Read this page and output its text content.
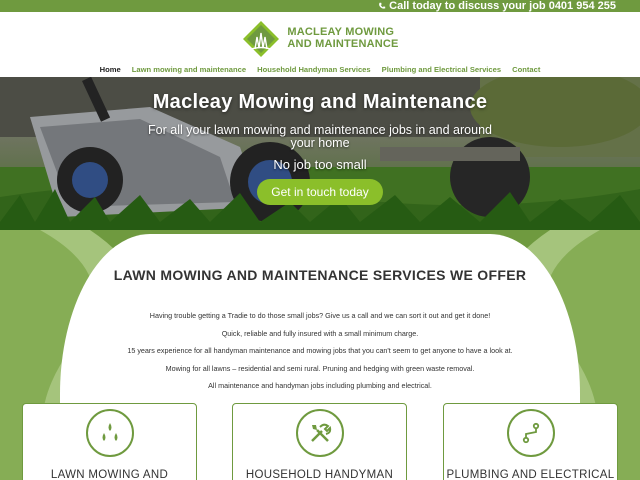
Call today to discuss your job 0401 954 255
MACLEAY MOWING
AND MAINTENANCE
Home Lawn mowing and maintenance Household Handyman Services Plumbing and Electrical Services Contact
Macleay Mowing and Maintenance

For all your lawn mowing and maintenance jobs in and around your home

No job too small

Get in touch today
LAWN MOWING AND MAINTENANCE SERVICES WE OFFER

Having trouble getting a Tradie to do those small jobs? Give us a call and we can sort it out and get it done!

Quick, reliable and fully insured with a small minimum charge.

15 years experience for all handyman maintenance and mowing jobs that you can't seem to get anyone to have a look at.

Mowing for all lawns – residential and semi rural. Pruning and hedging with green waste removal.

All maintenance and handyman jobs including plumbing and electrical.

LAWN MOWING AND	HOUSEHOLD HANDYMAN	PLUMBING AND ELECTRICAL
